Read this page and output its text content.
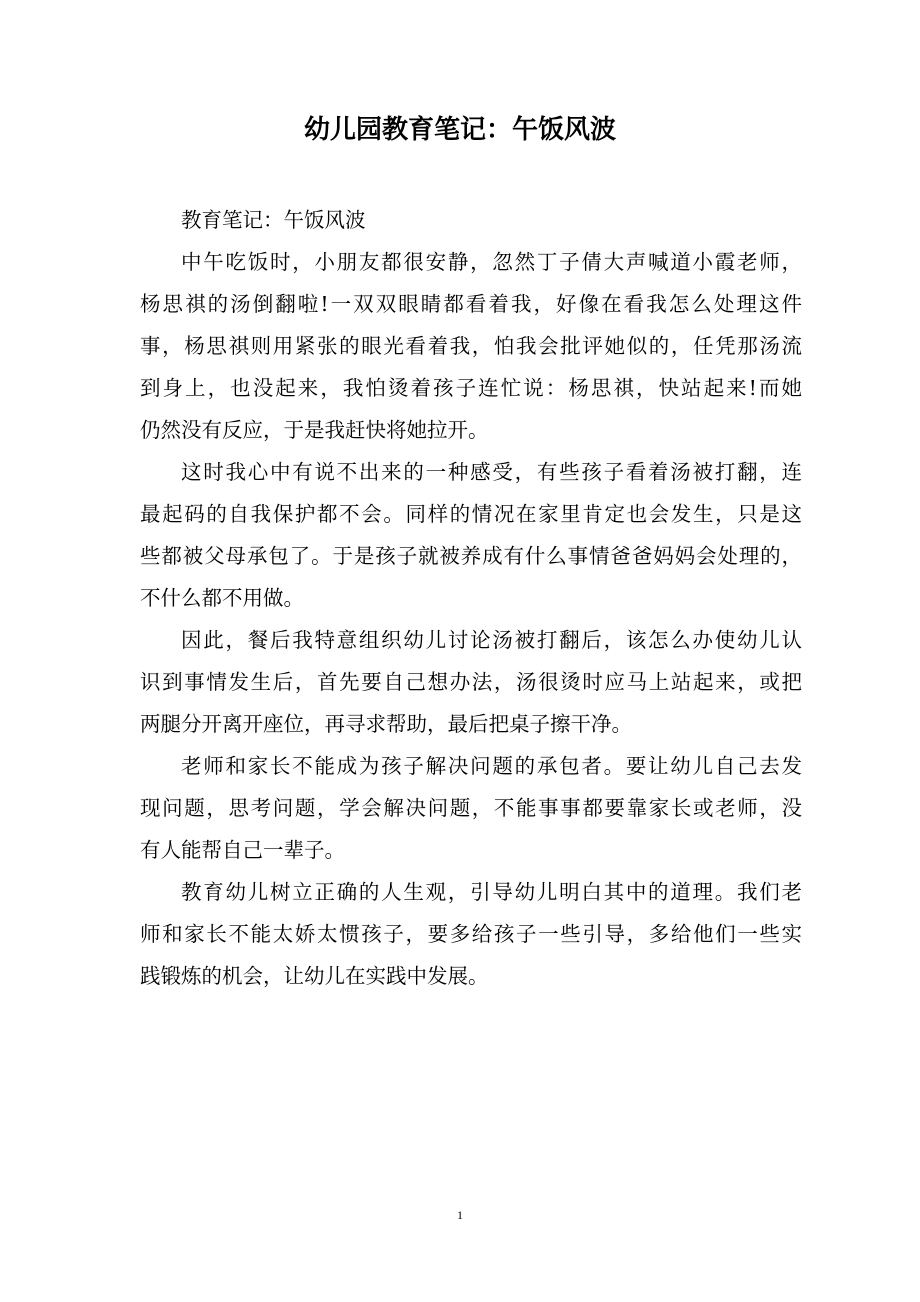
幼儿园教育笔记：午饭风波
教育笔记：午饭风波
中午吃饭时，小朋友都很安静，忽然丁子倩大声喊道小霞老师，
杨思祺的汤倒翻啦!一双双眼睛都看着我，好像在看我怎么处理这件
事，杨思祺则用紧张的眼光看着我，怕我会批评她似的，任凭那汤流
到身上，也没起来，我怕烫着孩子连忙说：杨思祺，快站起来!而她
仍然没有反应，于是我赶快将她拉开。
这时我心中有说不出来的一种感受，有些孩子看着汤被打翻，连
最起码的自我保护都不会。同样的情况在家里肯定也会发生，只是这
些都被父母承包了。于是孩子就被养成有什么事情爸爸妈妈会处理的，
不什么都不用做。
因此，餐后我特意组织幼儿讨论汤被打翻后，该怎么办使幼儿认
识到事情发生后，首先要自己想办法，汤很烫时应马上站起来，或把
两腿分开离开座位，再寻求帮助，最后把桌子擦干净。
老师和家长不能成为孩子解决问题的承包者。要让幼儿自己去发
现问题，思考问题，学会解决问题，不能事事都要靠家长或老师，没
有人能帮自己一辈子。
教育幼儿树立正确的人生观，引导幼儿明白其中的道理。我们老
师和家长不能太娇太惯孩子，要多给孩子一些引导，多给他们一些实
践锻炼的机会，让幼儿在实践中发展。
1
